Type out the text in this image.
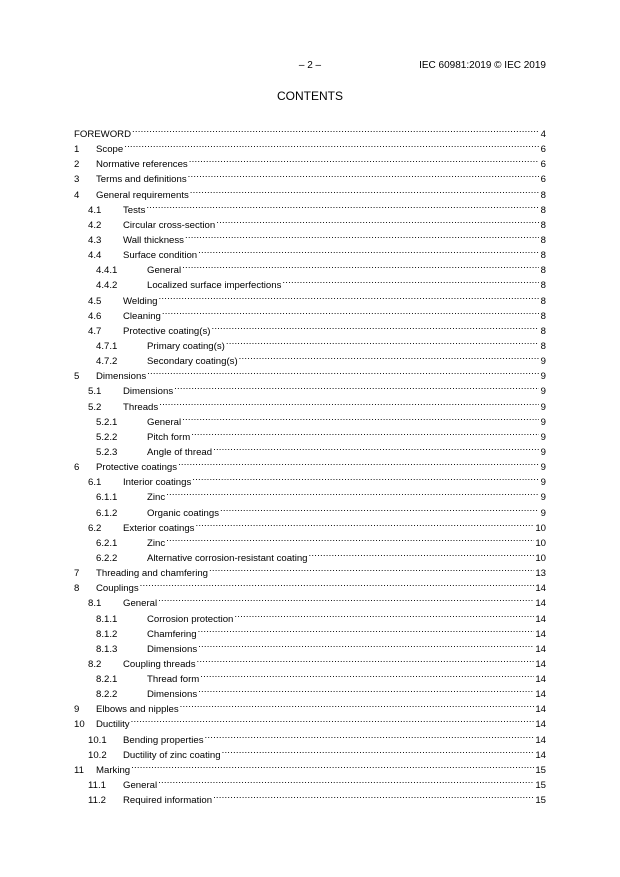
– 2 –	IEC 60981:2019 © IEC 2019
CONTENTS
FOREWORD .....	4
1	Scope .....	6
2	Normative references .....	6
3	Terms and definitions .....	6
4	General requirements .....	8
4.1	Tests .....	8
4.2	Circular cross-section .....	8
4.3	Wall thickness .....	8
4.4	Surface condition .....	8
4.4.1	General .....	8
4.4.2	Localized surface imperfections .....	8
4.5	Welding .....	8
4.6	Cleaning .....	8
4.7	Protective coating(s) .....	8
4.7.1	Primary coating(s) .....	8
4.7.2	Secondary coating(s) .....	9
5	Dimensions .....	9
5.1	Dimensions .....	9
5.2	Threads .....	9
5.2.1	General .....	9
5.2.2	Pitch form .....	9
5.2.3	Angle of thread .....	9
6	Protective coatings .....	9
6.1	Interior coatings .....	9
6.1.1	Zinc .....	9
6.1.2	Organic coatings .....	9
6.2	Exterior coatings .....	10
6.2.1	Zinc .....	10
6.2.2	Alternative corrosion-resistant coating .....	10
7	Threading and chamfering .....	13
8	Couplings .....	14
8.1	General .....	14
8.1.1	Corrosion protection .....	14
8.1.2	Chamfering .....	14
8.1.3	Dimensions .....	14
8.2	Coupling threads .....	14
8.2.1	Thread form .....	14
8.2.2	Dimensions .....	14
9	Elbows and nipples .....	14
10	Ductility .....	14
10.1	Bending properties .....	14
10.2	Ductility of zinc coating .....	14
11	Marking .....	15
11.1	General .....	15
11.2	Required information .....	15
